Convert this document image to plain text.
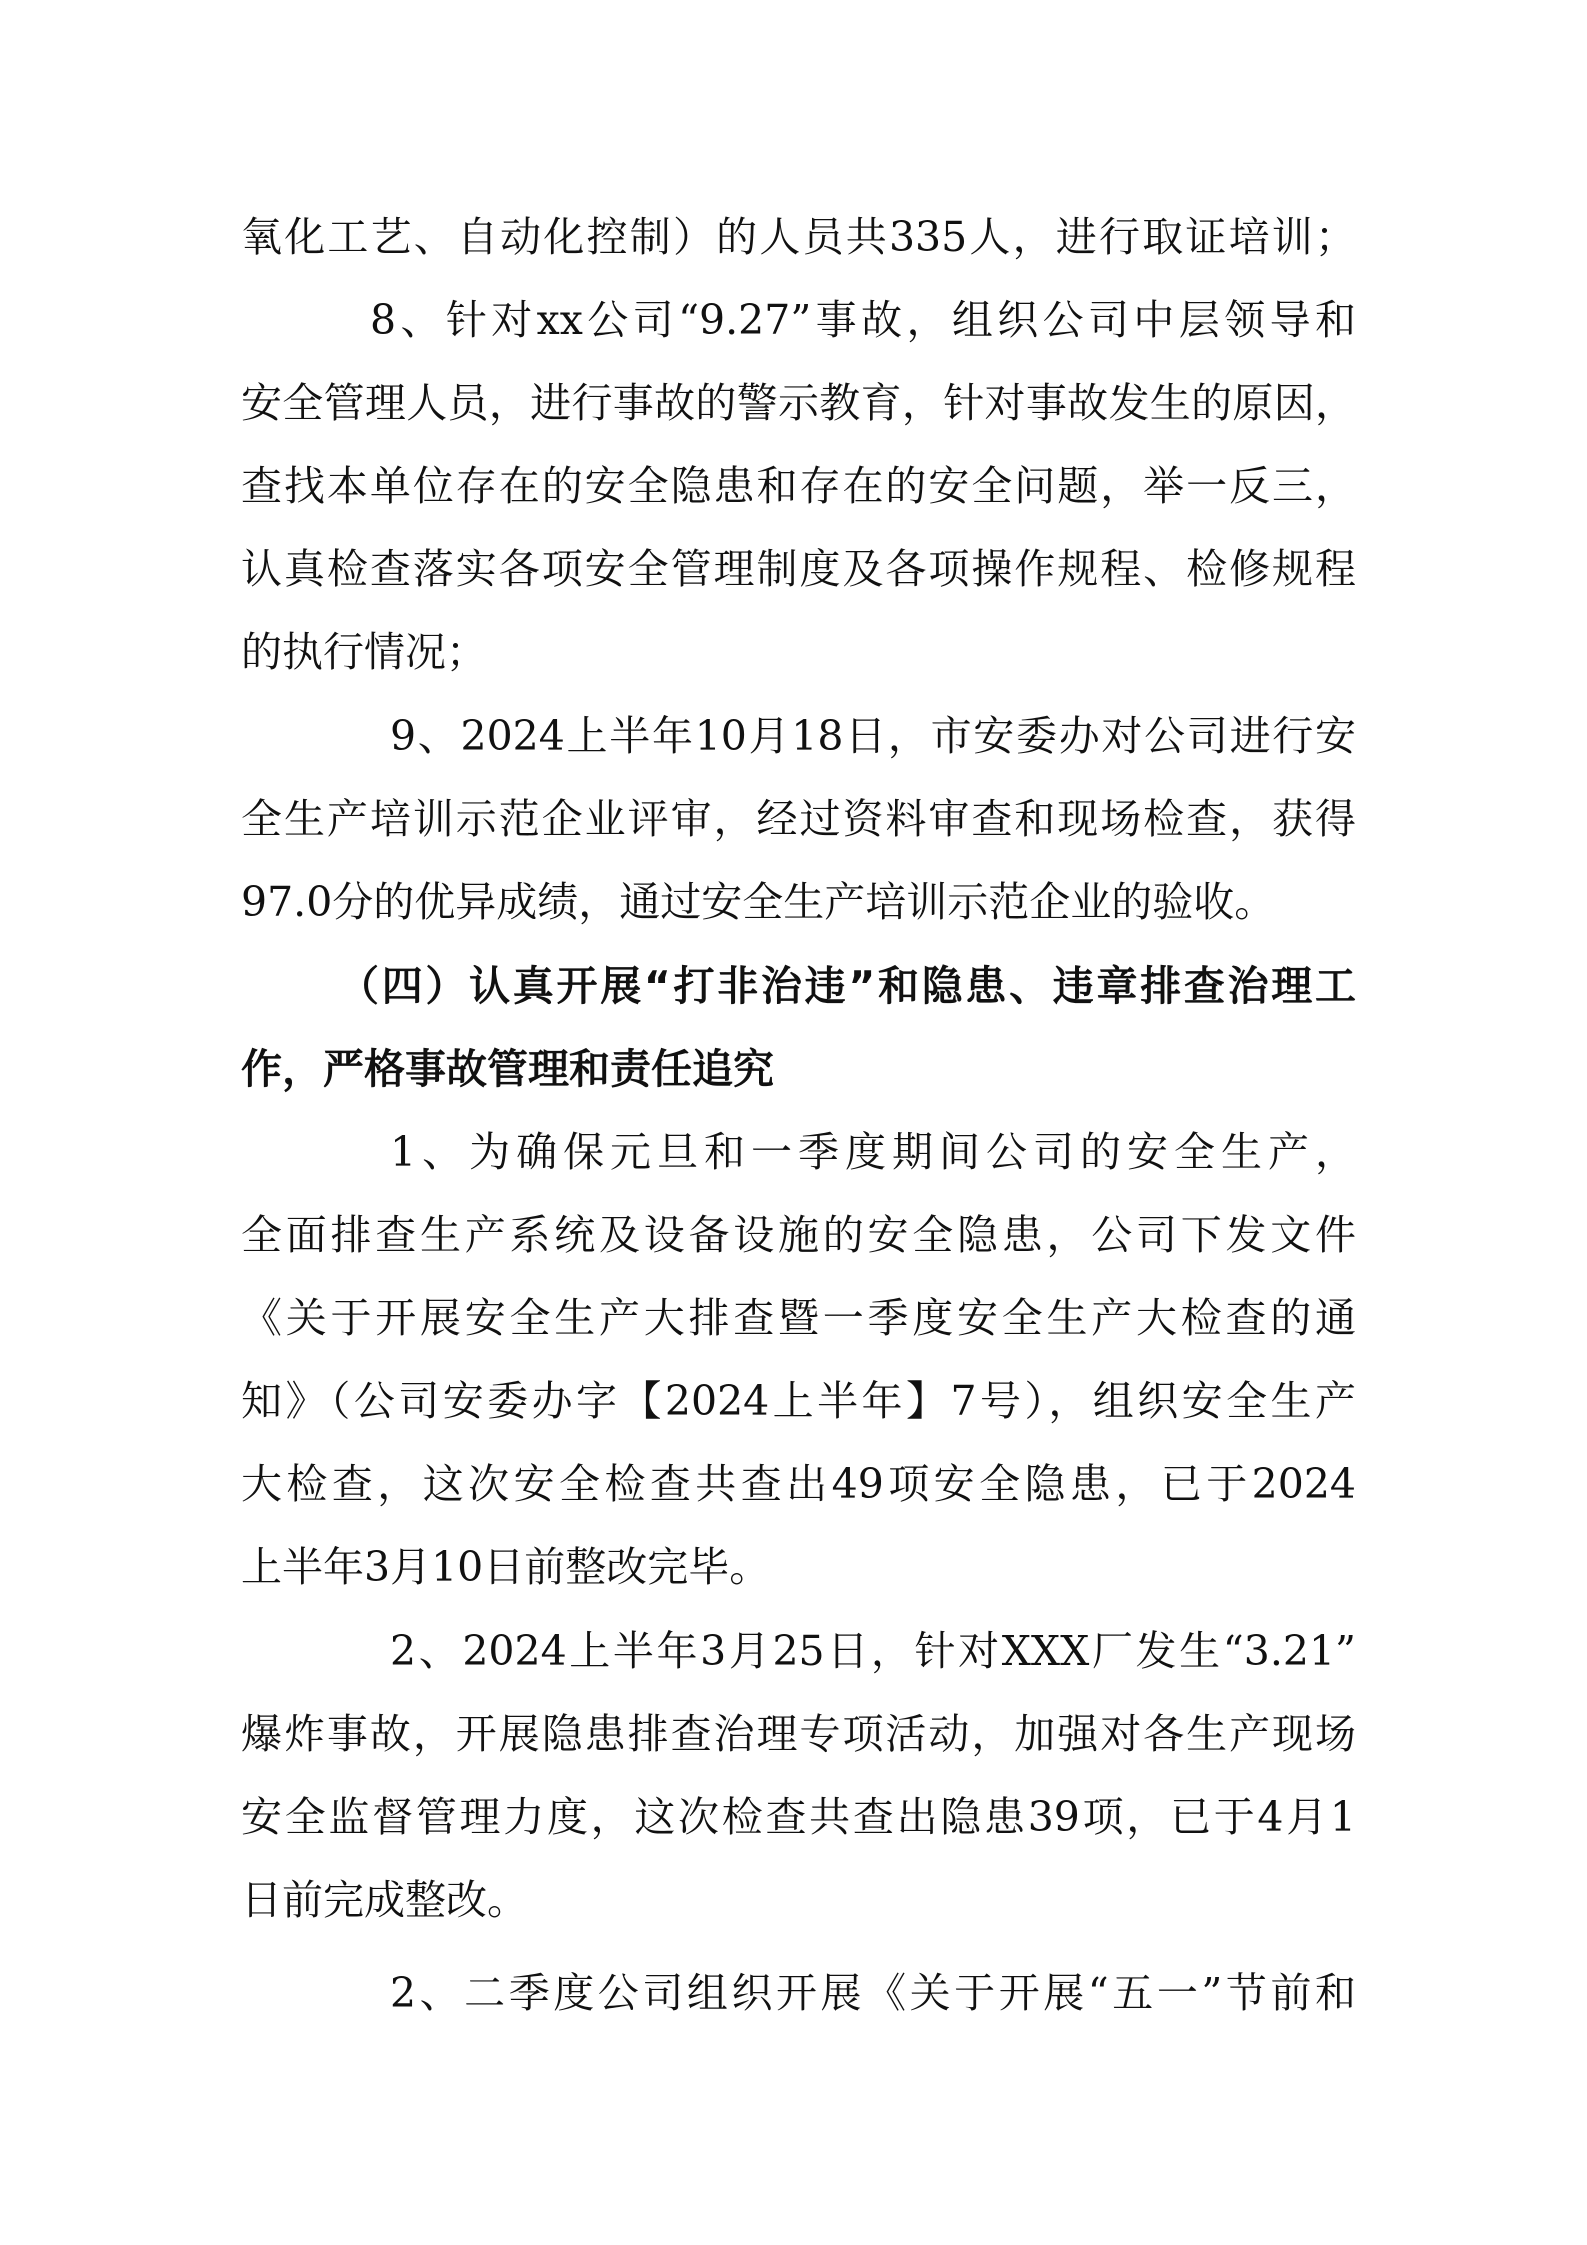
氧化工艺、自动化控制）的人员共335人，进行取证培训；
8、针对xx公司“9.27”事故，组织公司中层领导和
安全管理人员，进行事故的警示教育，针对事故发生的原因，
查找本单位存在的安全隐患和存在的安全问题，举一反三，
认真检查落实各项安全管理制度及各项操作规程、检修规程
的执行情况；
9、2024上半年10月18日，市安委办对公司进行安
全生产培训示范企业评审，经过资料审查和现场检查，获得
97.0分的优异成绩，通过安全生产培训示范企业的验收。
（四）认真开展“打非治违”和隐患、违章排查治理工
作，严格事故管理和责任追究
1、为确保元旦和一季度期间公司的安全生产，
全面排查生产系统及设备设施的安全隐患，公司下发文件
《关于开展安全生产大排查暨一季度安全生产大检查的通
知》（公司安委办字【2024上半年】7号），组织安全生产
大检查，这次安全检查共查出49项安全隐患，已于2024
上半年3月10日前整改完毕。
2、2024上半年3月25日，针对XXX厂发生“3.21”
爆炸事故，开展隐患排查治理专项活动，加强对各生产现场
安全监督管理力度，这次检查共查出隐患39项，已于4月1
日前完成整改。
2、二季度公司组织开展《关于开展“五一”节前和
